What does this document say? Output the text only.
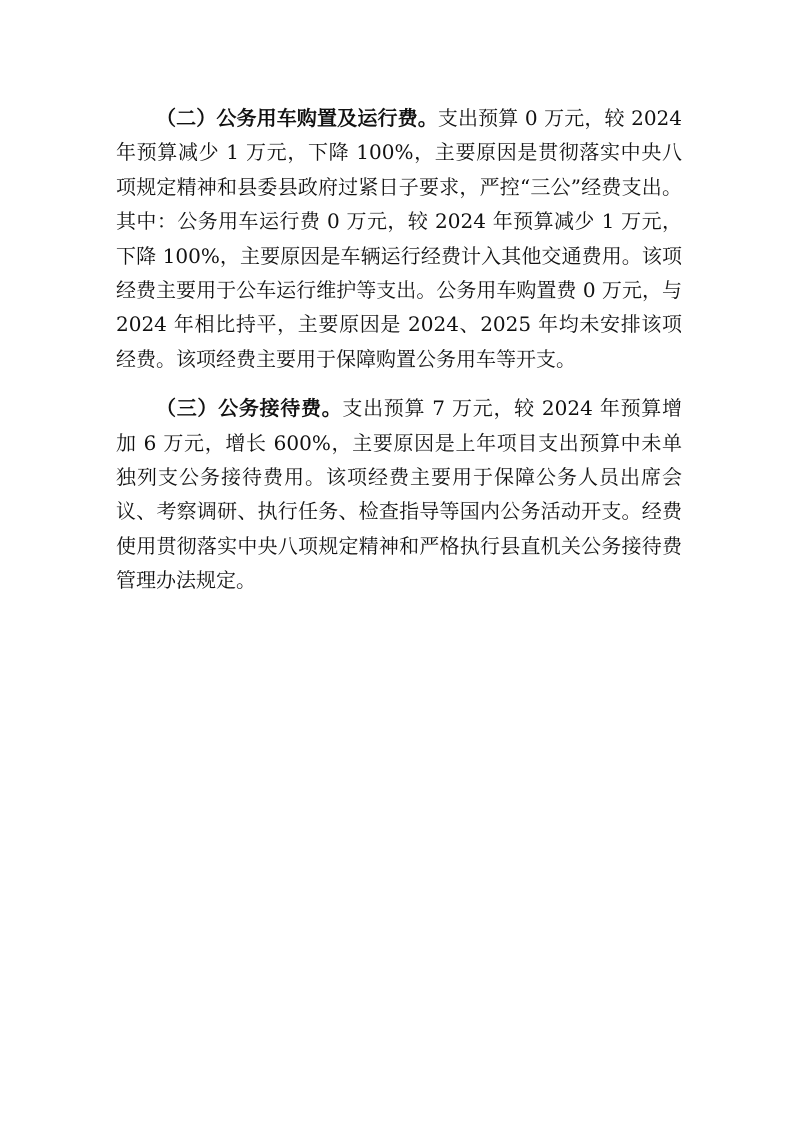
（二）公务用车购置及运行费。支出预算 0 万元，较 2024 年预算减少 1 万元，下降 100%，主要原因是贯彻落实中央八项规定精神和县委县政府过紧日子要求，严控“三公”经费支出。其中：公务用车运行费 0 万元，较 2024 年预算减少 1 万元，下降 100%，主要原因是车辆运行经费计入其他交通费用。该项经费主要用于公车运行维护等支出。公务用车购置费 0 万元，与 2024 年相比持平，主要原因是 2024、2025 年均未安排该项经费。该项经费主要用于保障购置公务用车等开支。

（三）公务接待费。支出预算 7 万元，较 2024 年预算增加 6 万元，增长 600%，主要原因是上年项目支出预算中未单独列支公务接待费用。该项经费主要用于保障公务人员出席会议、考察调研、执行任务、检查指导等国内公务活动开支。经费使用贯彻落实中央八项规定精神和严格执行县直机关公务接待费管理办法规定。
